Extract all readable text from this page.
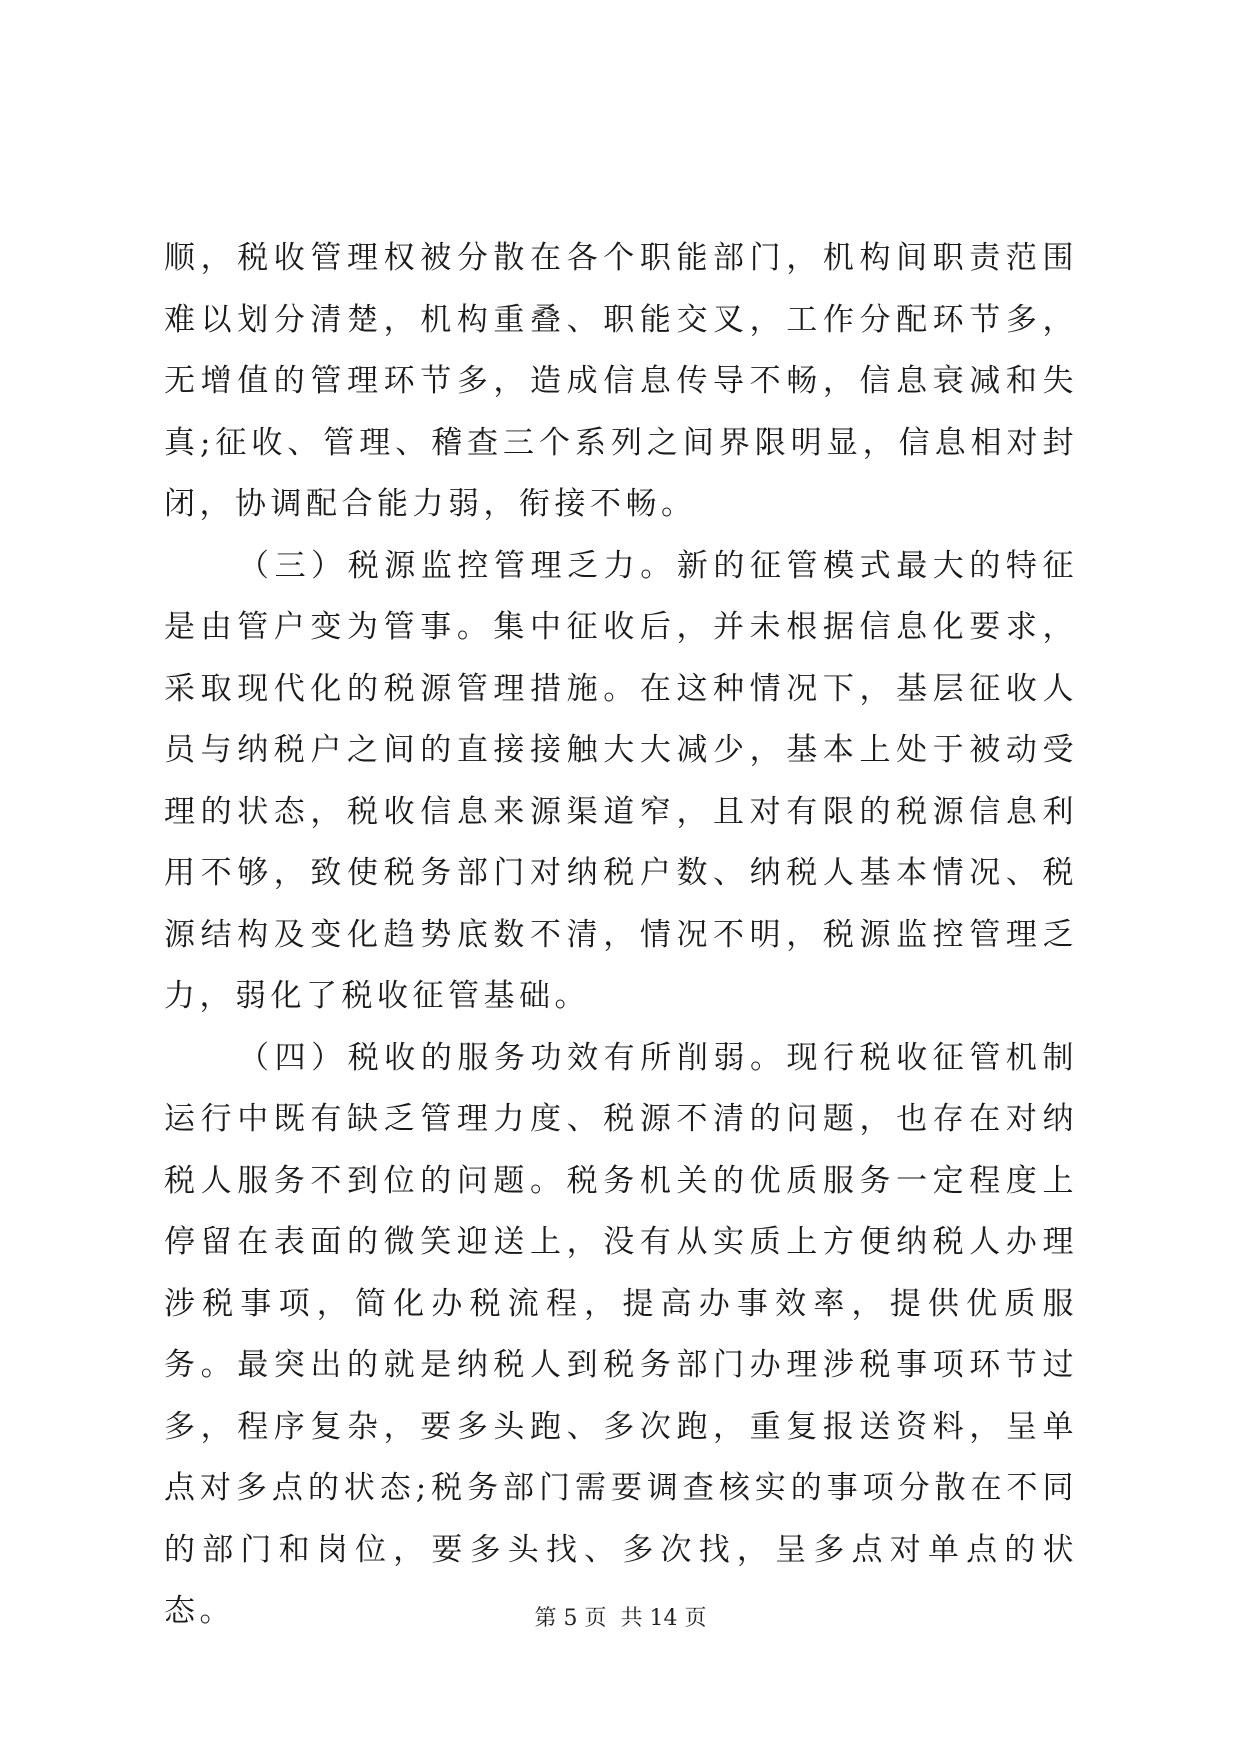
顺，税收管理权被分散在各个职能部门，机构间职责范围难以划分清楚，机构重叠、职能交叉，工作分配环节多，无增值的管理环节多，造成信息传导不畅，信息衰减和失真;征收、管理、稽查三个系列之间界限明显，信息相对封闭，协调配合能力弱，衔接不畅。

（三）税源监控管理乏力。新的征管模式最大的特征是由管户变为管事。集中征收后，并未根据信息化要求，采取现代化的税源管理措施。在这种情况下，基层征收人员与纳税户之间的直接接触大大减少，基本上处于被动受理的状态，税收信息来源渠道窄，且对有限的税源信息利用不够，致使税务部门对纳税户数、纳税人基本情况、税源结构及变化趋势底数不清，情况不明，税源监控管理乏力，弱化了税收征管基础。

（四）税收的服务功效有所削弱。现行税收征管机制运行中既有缺乏管理力度、税源不清的问题，也存在对纳税人服务不到位的问题。税务机关的优质服务一定程度上停留在表面的微笑迎送上，没有从实质上方便纳税人办理涉税事项，简化办税流程，提高办事效率，提供优质服务。最突出的就是纳税人到税务部门办理涉税事项环节过多，程序复杂，要多头跑、多次跑，重复报送资料，呈单点对多点的状态;税务部门需要调查核实的事项分散在不同的部门和岗位，要多头找、多次找，呈多点对单点的状态。	第 5 页  共 14 页
